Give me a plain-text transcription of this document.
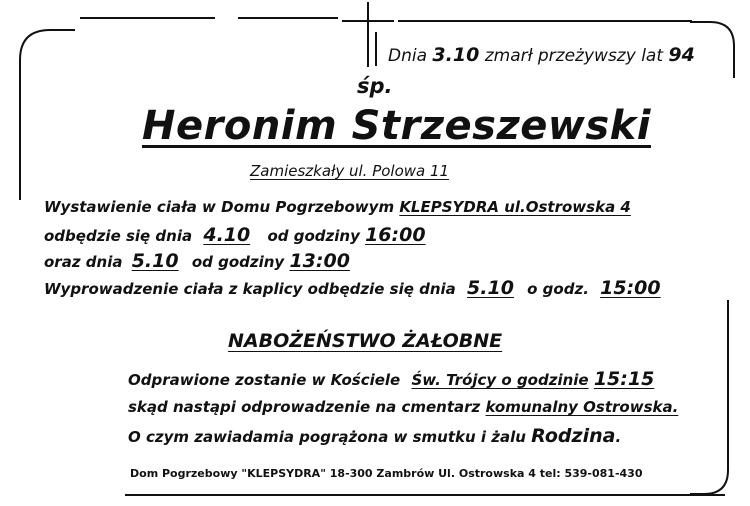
Dnia 3.10 zmarł przeżywszy lat 94
śp.
Heronim Strzeszewski
Zamieszkały ul. Polowa 11
Wystawienie ciała w Domu Pogrzebowym KLEPSYDRA ul.Ostrowska 4
odbędzie się dnia 4.10 od godziny 16:00
oraz dnia 5.10 od godziny 13:00
Wyprowadzenie ciała z kaplicy odbędzie się dnia 5.10 o godz. 15:00
NABOŻEŃSTWO ŻAŁOBNE
Odprawione zostanie w Kościele Św. Trójcy o godzinie 15:15
skąd nastąpi odprowadzenie na cmentarz komunalny Ostrowska.
O czym zawiadamia pogrążona w smutku i żalu Rodzina.
Dom Pogrzebowy "KLEPSYDRA" 18-300 Zambrów Ul. Ostrowska 4 tel: 539-081-430
